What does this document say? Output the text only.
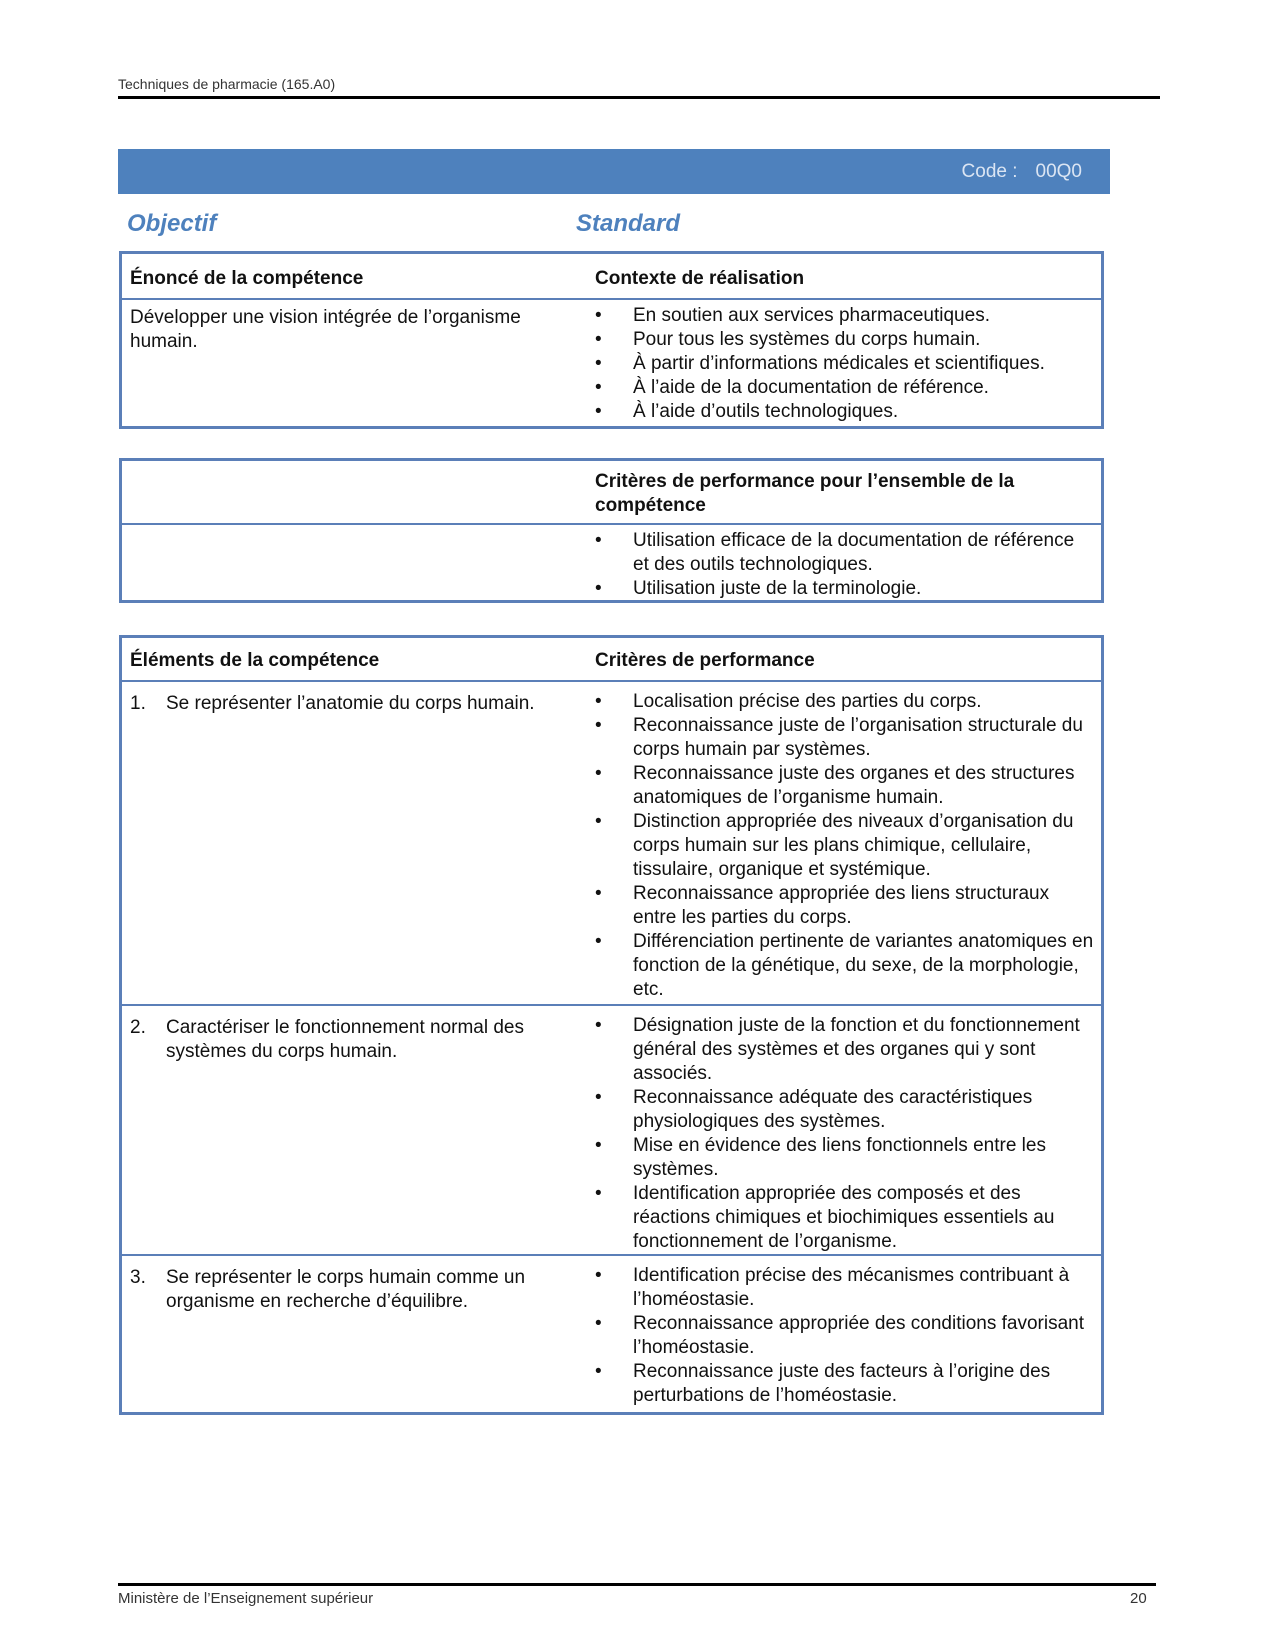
Techniques de pharmacie (165.A0)
Code : 00Q0
Objectif	Standard
Énoncé de la compétence	Contexte de réalisation
Développer une vision intégrée de l’organisme humain.
• En soutien aux services pharmaceutiques.
• Pour tous les systèmes du corps humain.
• À partir d’informations médicales et scientifiques.
• À l’aide de la documentation de référence.
• À l’aide d’outils technologiques.
Critères de performance pour l’ensemble de la compétence
• Utilisation efficace de la documentation de référence et des outils technologiques.
• Utilisation juste de la terminologie.
Éléments de la compétence	Critères de performance
1.	Se représenter l’anatomie du corps humain.
•	Localisation précise des parties du corps.
• Reconnaissance juste de l’organisation structurale du corps humain par systèmes.
• Reconnaissance juste des organes et des structures anatomiques de l’organisme humain.
• Distinction appropriée des niveaux d’organisation du corps humain sur les plans chimique, cellulaire, tissulaire, organique et systémique.
• Reconnaissance appropriée des liens structuraux entre les parties du corps.
• Différenciation pertinente de variantes anatomiques en fonction de la génétique, du sexe, de la morphologie, etc.
2.	Caractériser le fonctionnement normal des systèmes du corps humain.
• Désignation juste de la fonction et du fonctionnement général des systèmes et des organes qui y sont associés.
• Reconnaissance adéquate des caractéristiques physiologiques des systèmes.
• Mise en évidence des liens fonctionnels entre les systèmes.
• Identification appropriée des composés et des réactions chimiques et biochimiques essentiels au fonctionnement de l’organisme.
3.	Se représenter le corps humain comme un organisme en recherche d’équilibre.
• Identification précise des mécanismes contribuant à l’homéostasie.
• Reconnaissance appropriée des conditions favorisant l’homéostasie.
• Reconnaissance juste des facteurs à l’origine des perturbations de l’homéostasie.
Ministère de l’Enseignement supérieur	20
